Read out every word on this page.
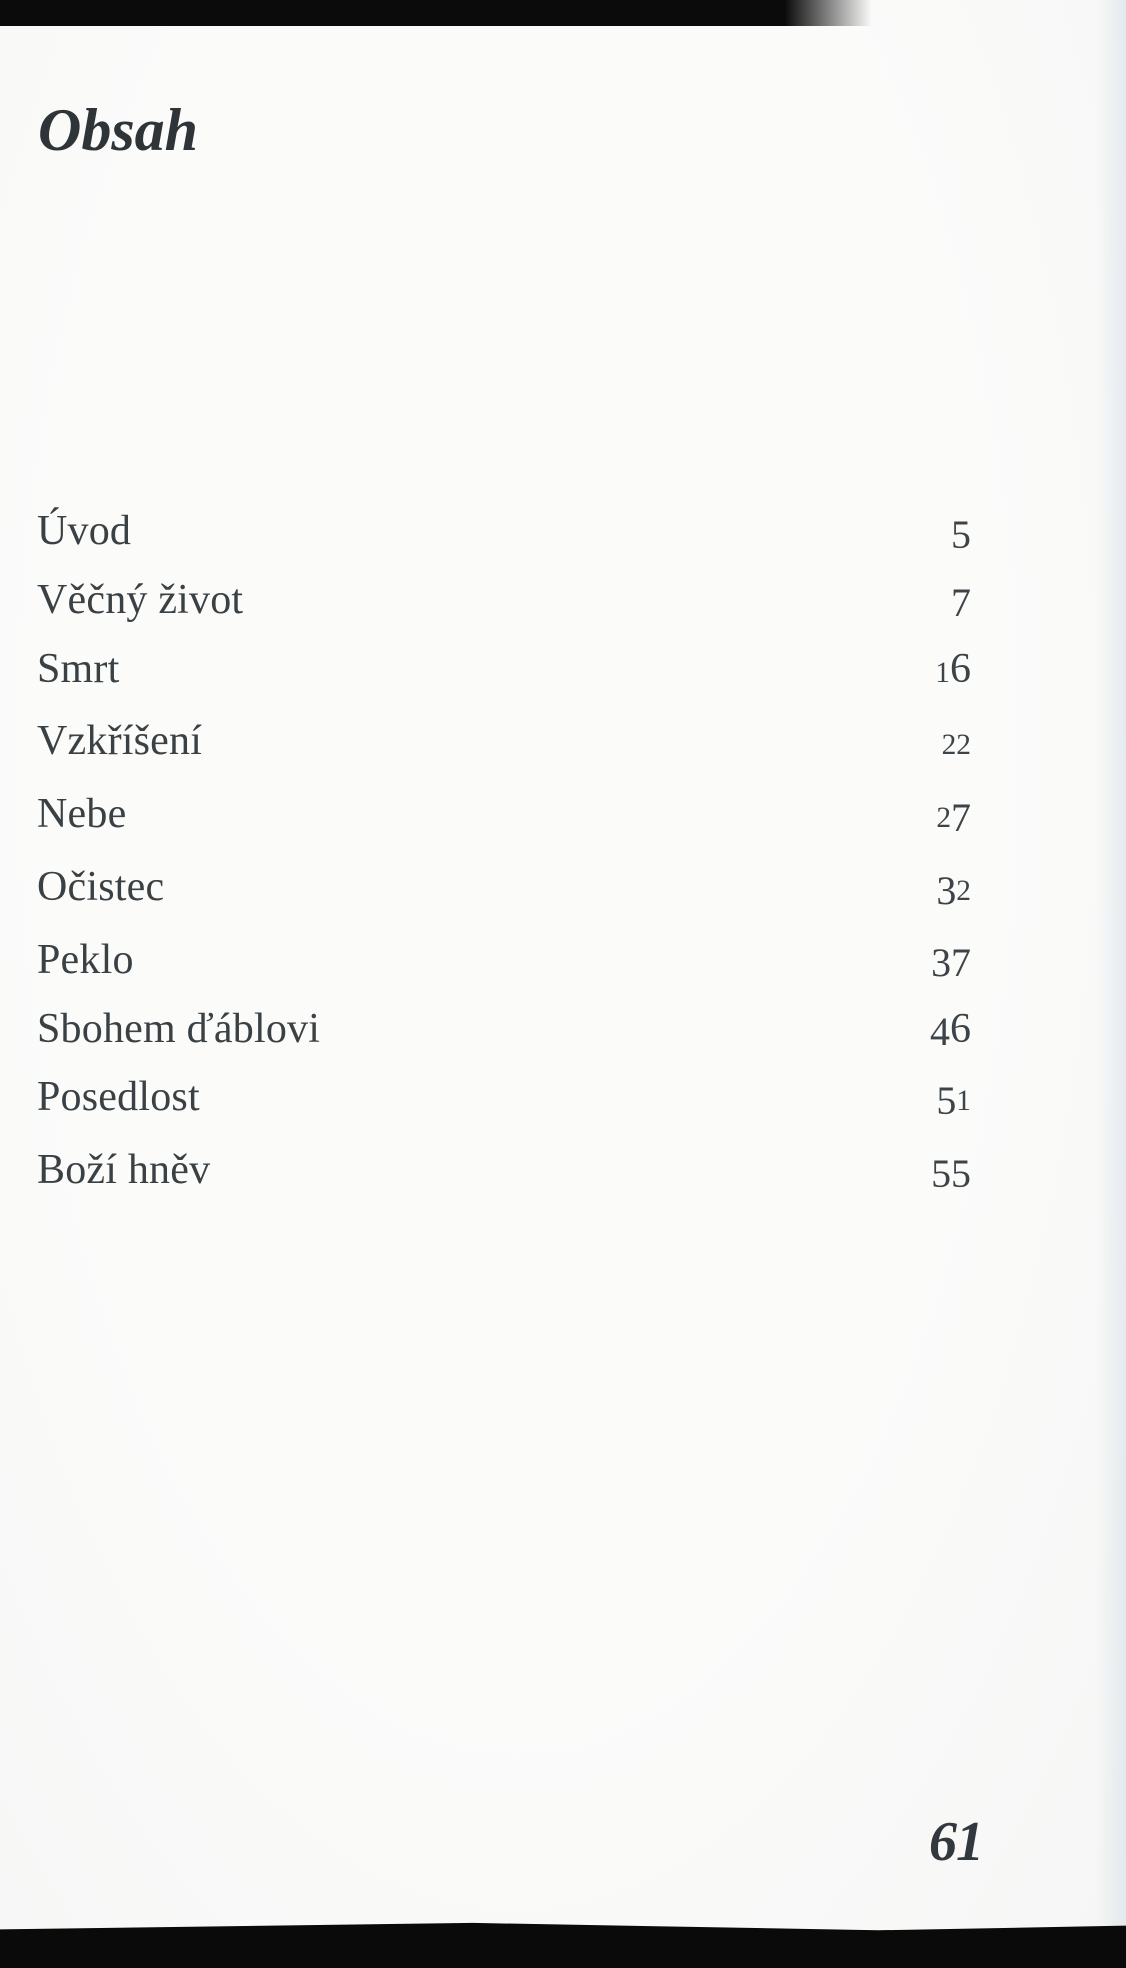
Obsah
Úvod	5
Věčný život	7
Smrt	16
Vzkříšení	22
Nebe	27
Očistec	32
Peklo	37
Sbohem ďáblovi	46
Posedlost	51
Boží hněv	55
61
